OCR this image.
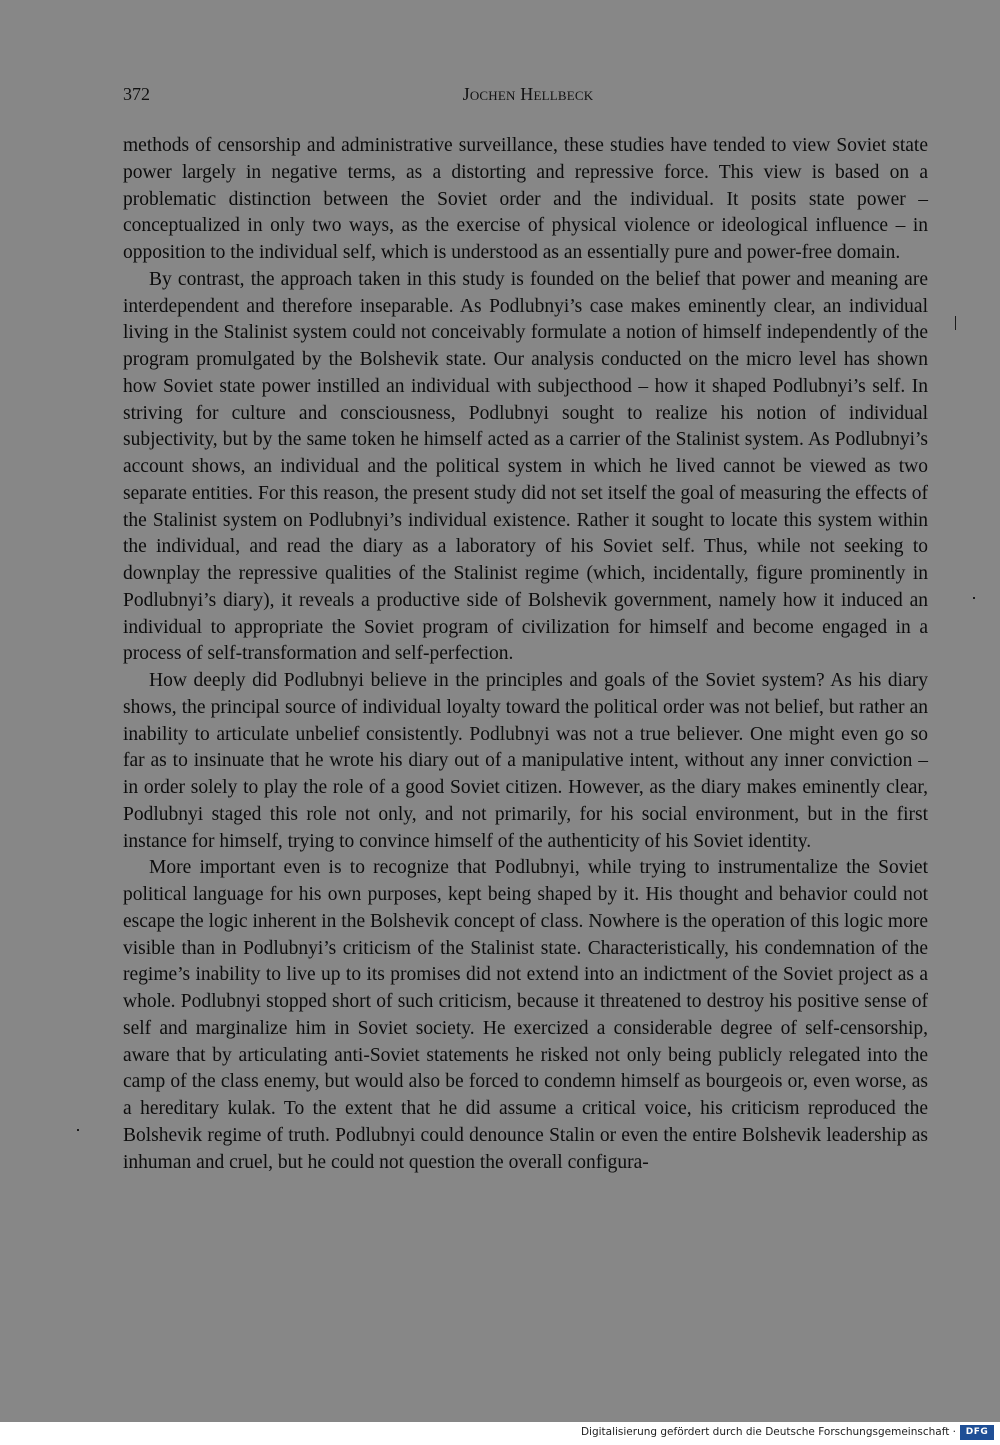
372	Jochen Hellbeck

methods of censorship and administrative surveillance, these studies have tended to view Soviet state power largely in negative terms, as a distorting and repressive force. This view is based on a problematic distinction between the Soviet order and the individual. It posits state power – conceptualized in only two ways, as the exercise of physical violence or ideological influence – in opposition to the individual self, which is understood as an essentially pure and power-free domain.

By contrast, the approach taken in this study is founded on the belief that power and meaning are interdependent and therefore inseparable. As Podlubnyi’s case makes eminently clear, an individual living in the Stalinist system could not conceivably formulate a notion of himself independently of the program promulgated by the Bolshevik state. Our analysis conducted on the micro level has shown how Soviet state power instilled an individual with subjecthood – how it shaped Podlubnyi’s self. In striving for culture and consciousness, Podlubnyi sought to realize his notion of individual subjectivity, but by the same token he himself acted as a carrier of the Stalinist system. As Podlubnyi’s account shows, an individual and the political system in which he lived cannot be viewed as two separate entities. For this reason, the present study did not set itself the goal of measuring the effects of the Stalinist system on Podlubnyi’s individual existence. Rather it sought to locate this system within the individual, and read the diary as a laboratory of his Soviet self. Thus, while not seeking to downplay the repressive qualities of the Stalinist regime (which, incidentally, figure prominently in Podlubnyi’s diary), it reveals a productive side of Bolshevik government, namely how it induced an individual to appropriate the Soviet program of civilization for himself and become engaged in a process of self-transformation and self-perfection.

How deeply did Podlubnyi believe in the principles and goals of the Soviet system? As his diary shows, the principal source of individual loyalty toward the political order was not belief, but rather an inability to articulate unbelief consistently. Podlubnyi was not a true believer. One might even go so far as to insinuate that he wrote his diary out of a manipulative intent, without any inner conviction – in order solely to play the role of a good Soviet citizen. However, as the diary makes eminently clear, Podlubnyi staged this role not only, and not primarily, for his social environment, but in the first instance for himself, trying to convince himself of the authenticity of his Soviet identity.

More important even is to recognize that Podlubnyi, while trying to instrumentalize the Soviet political language for his own purposes, kept being shaped by it. His thought and behavior could not escape the logic inherent in the Bolshevik concept of class. Nowhere is the operation of this logic more visible than in Podlubnyi’s criticism of the Stalinist state. Characteristically, his condemnation of the regime’s inability to live up to its promises did not extend into an indictment of the Soviet project as a whole. Podlubnyi stopped short of such criticism, because it threatened to destroy his positive sense of self and marginalize him in Soviet society. He exercized a considerable degree of self-censorship, aware that by articulating anti-Soviet statements he risked not only being publicly relegated into the camp of the class enemy, but would also be forced to condemn himself as bourgeois or, even worse, as a hereditary kulak. To the extent that he did assume a critical voice, his criticism reproduced the Bolshevik regime of truth. Podlubnyi could denounce Stalin or even the entire Bolshevik leadership as inhuman and cruel, but he could not question the overall configura-

Digitalisierung gefördert durch die Deutsche Forschungsgemeinschaft ·	DFG
